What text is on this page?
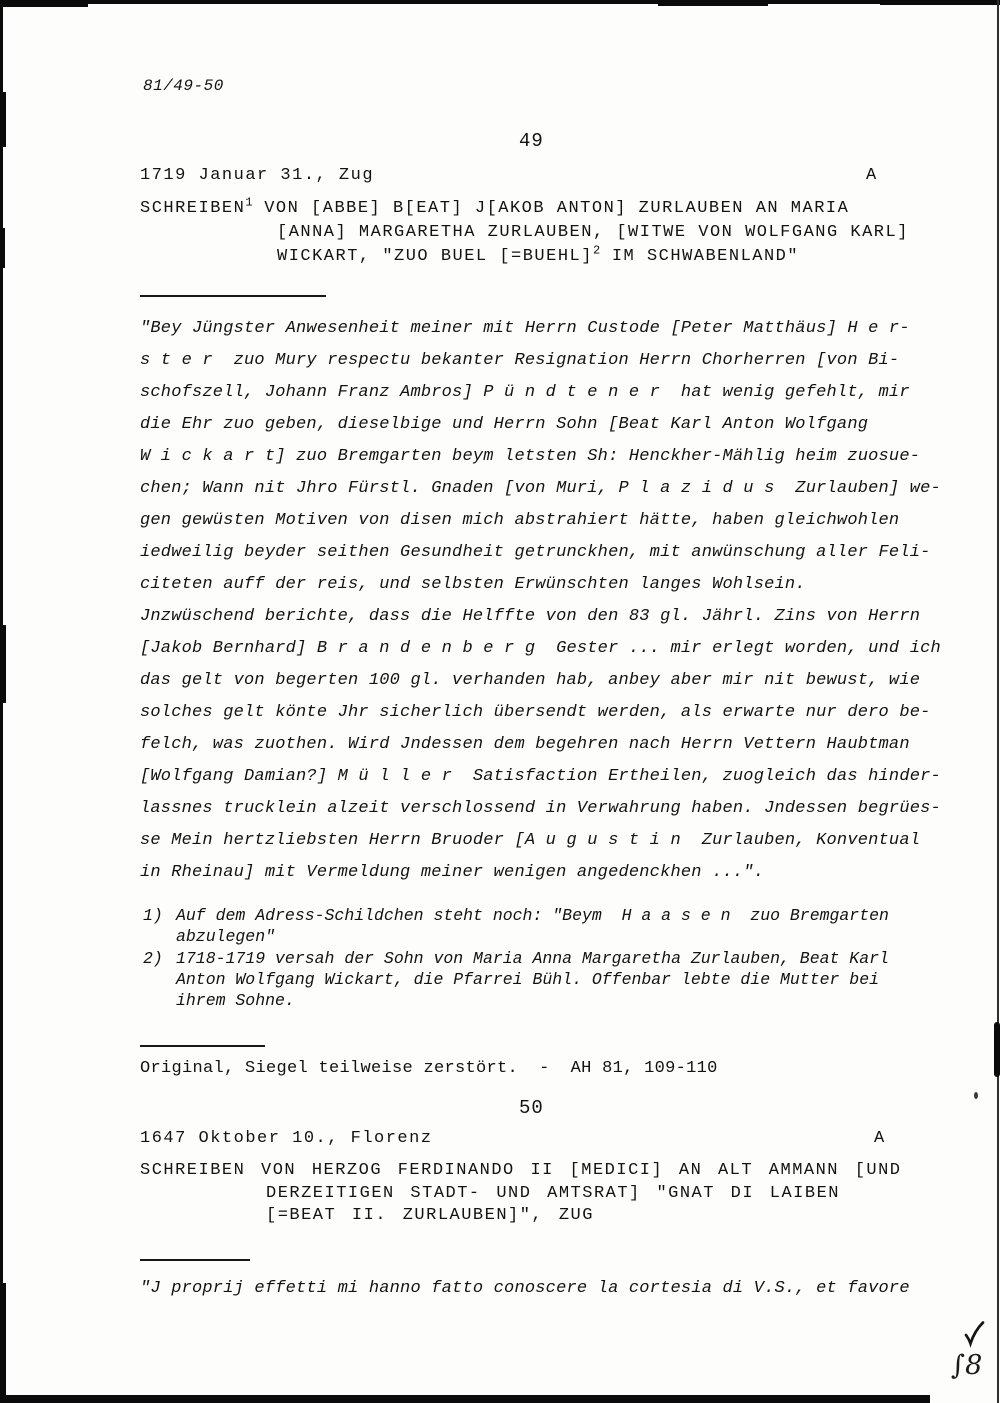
81/49-50
49
1719 Januar 31., Zug	A
SCHREIBEN$^1$ VON [ABBE] B[EAT] J[AKOB ANTON] ZURLAUBEN AN MARIA
[ANNA] MARGARETHA ZURLAUBEN, [WITWE VON WOLFGANG KARL]
WICKART, "ZUO BUEL [=BUEHL]$^2$ IM SCHWABENLAND"
"Bey Jüngster Anwesenheit meiner mit Herrn Custode [Peter Matthäus] H e r-
s t e r  zuo Mury respectu bekanter Resignation Herrn Chorherren [von Bi-
schofszell, Johann Franz Ambros] P ü n d t e n e r  hat wenig gefehlt, mir
die Ehr zuo geben, dieselbige und Herrn Sohn [Beat Karl Anton Wolfgang
W i c k a r t] zuo Bremgarten beym letsten Sh: Henckher-Mählig heim zuosue-
chen; Wann nit Jhro Fürstl. Gnaden [von Muri, P l a z i d u s  Zurlauben] we-
gen gewüsten Motiven von disen mich abstrahiert hätte, haben gleichwohlen
iedweilig beyder seithen Gesundheit getrunckhen, mit anwünschung aller Feli-
citeten auff der reis, und selbsten Erwünschten langes Wohlsein.
Jnzwüschend berichte, dass die Helffte von den 83 gl. Jährl. Zins von Herrn
[Jakob Bernhard] B r a n d e n b e r g  Gester ... mir erlegt worden, und ich
das gelt von begerten 100 gl. verhanden hab, anbey aber mir nit bewust, wie
solches gelt könte Jhr sicherlich übersendt werden, als erwarte nur dero be-
felch, was zuothen. Wird Jndessen dem begehren nach Herrn Vettern Haubtman
[Wolfgang Damian?] M ü l l e r  Satisfaction Ertheilen, zuogleich das hinder-
lassnes trucklein alzeit verschlossend in Verwahrung haben. Jndessen begrües-
se Mein hertzliebsten Herrn Bruoder [A u g u s t i n  Zurlauben, Konventual
in Rheinau] mit Vermeldung meiner wenigen angedenckhen ...".
1) Auf dem Adress-Schildchen steht noch: "Beym  H a a s e n  zuo Bremgarten
abzulegen"
2) 1718-1719 versah der Sohn von Maria Anna Margaretha Zurlauben, Beat Karl
Anton Wolfgang Wickart, die Pfarrei Bühl. Offenbar lebte die Mutter bei
ihrem Sohne.
Original, Siegel teilweise zerstört.  -  AH 81, 109-110
50
1647 Oktober 10., Florenz	A
SCHREIBEN VON HERZOG FERDINANDO II [MEDICI] AN ALT AMMANN [UND
DERZEITIGEN STADT- UND AMTSRAT] "GNAT DI LAIBEN
[=BEAT II. ZURLAUBEN]", ZUG
"J proprij effetti mi hanno fatto conoscere la cortesia di V.S., et favore
∫8
